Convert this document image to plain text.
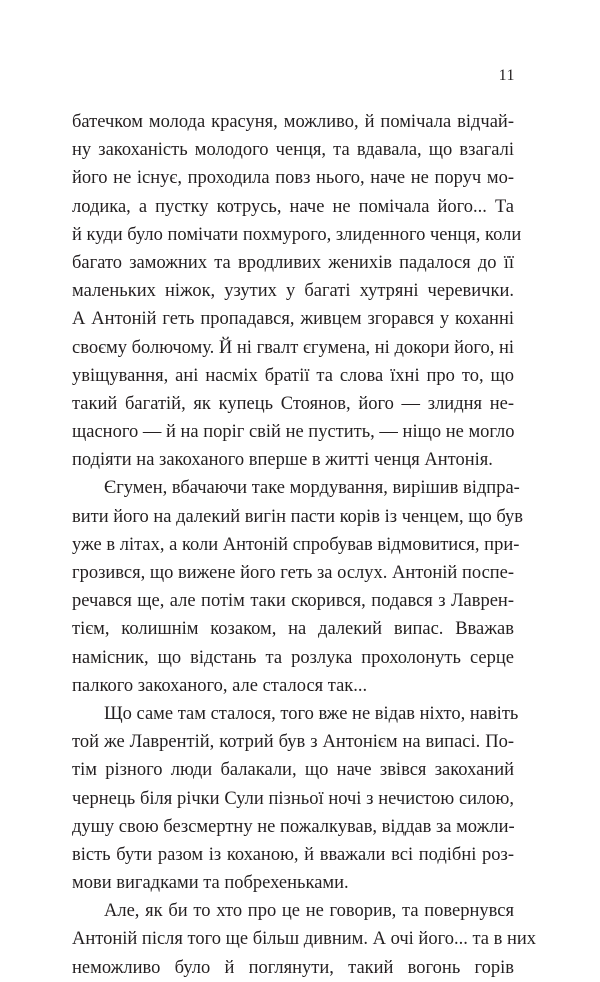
11
батечком молода красуня, можливо, й помічала відчай-
ну закоханість молодого ченця, та вдавала, що взагалі
його не існує, проходила повз нього, наче не поруч мо-
лодика, а пустку котрусь, наче не помічала його... Та
й куди було помічати похмурого, злиденного ченця, коли
багато заможних та вродливих женихів падалося до її
маленьких ніжок, узутих у багаті хутряні черевички.
А Антоній геть пропадався, живцем згорався у коханні
своєму болючому. Й ні гвалт єгумена, ні докори його, ні
увіщування, ані насміх братії та слова їхні про то, що
такий багатій, як купець Стоянов, його — злидня не-
щасного — й на поріг свій не пустить, — ніщо не могло
подіяти на закоханого вперше в житті ченця Антонія.
Єгумен, вбачаючи таке мордування, вирішив відпра-
вити його на далекий вигін пасти корів із ченцем, що був
уже в літах, а коли Антоній спробував відмовитися, при-
грозився, що вижене його геть за ослух. Антоній поспе-
речався ще, але потім таки скорився, подався з Лаврен-
тієм, колишнім козаком, на далекий випас. Вважав
намісник, що відстань та розлука прохолонуть серце
палкого закоханого, але сталося так...
Що саме там сталося, того вже не відав ніхто, навіть
той же Лаврентій, котрий був з Антонієм на випасі. По-
тім різного люди балакали, що наче звівся закоханий
чернець біля річки Сули пізньої ночі з нечистою силою,
душу свою безсмертну не пожалкував, віддав за можли-
вість бути разом із коханою, й вважали всі подібні роз-
мови вигадками та побрехеньками.
Але, як би то хто про це не говорив, та повернувся
Антоній після того ще більш дивним. А очі його... та в них
неможливо було й поглянути, такий вогонь горів
